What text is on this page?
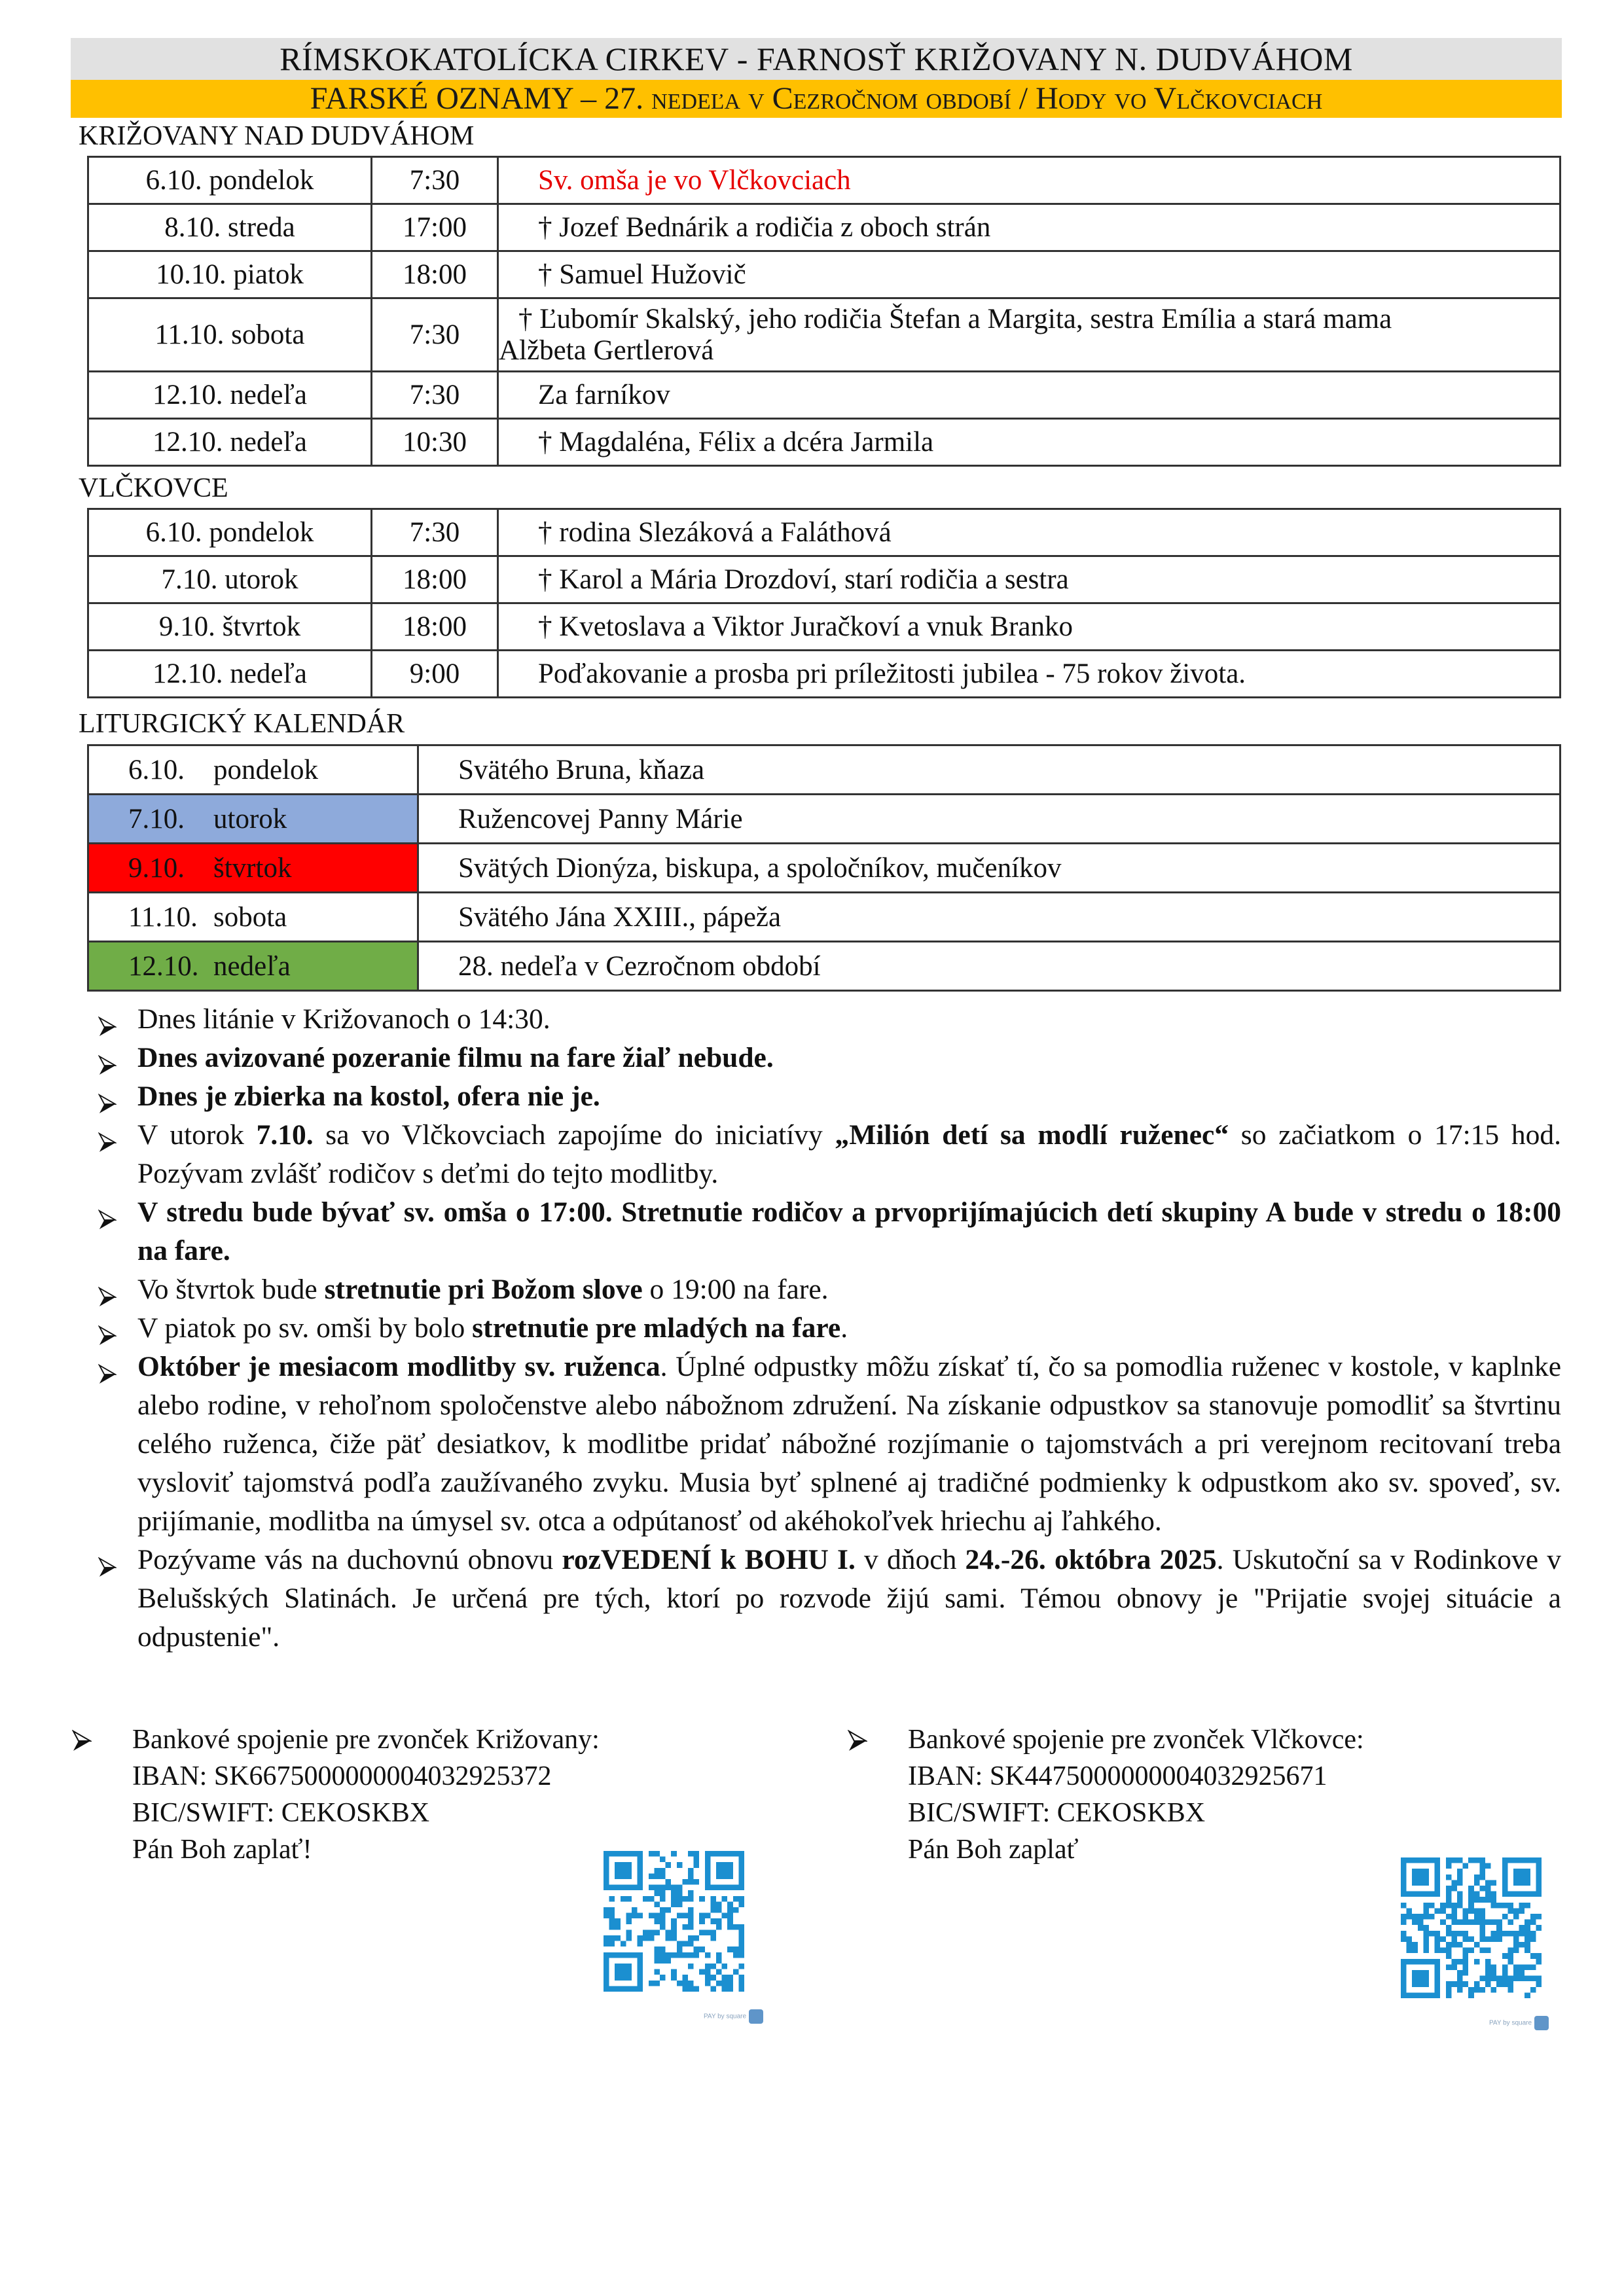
RÍMSKOKATOLÍCKA CIRKEV - FARNOSŤ KRIŽOVANY N. DUDVÁHOM
FARSKÉ OZNAMY – 27. nedeľa v Cezročnom období / Hody vo Vlčkovciach
KRIŽOVANY NAD DUDVÁHOM
6.10. pondelok	7:30	Sv. omša je vo Vlčkovciach
8.10. streda	17:00	† Jozef Bednárik a rodičia z oboch strán
10.10. piatok	18:00	† Samuel Hužovič
11.10. sobota	7:30	† Ľubomír Skalský, jeho rodičia Štefan a Margita, sestra Emília a stará mama
Alžbeta Gertlerová
12.10. nedeľa	7:30	Za farníkov
12.10. nedeľa	10:30	† Magdaléna, Félix a dcéra Jarmila
VLČKOVCE
6.10. pondelok	7:30	† rodina Slezáková a Faláthová
7.10. utorok	18:00	† Karol a Mária Drozdoví, starí rodičia a sestra
9.10. štvrtok	18:00	† Kvetoslava a Viktor Juračkoví a vnuk Branko
12.10. nedeľa	9:00	Poďakovanie a prosba pri príležitosti jubilea - 75 rokov života.
LITURGICKÝ KALENDÁR
6.10. pondelok	Svätého Bruna, kňaza
7.10. utorok	Ružencovej Panny Márie
9.10. štvrtok	Svätých Dionýza, biskupa, a spoločníkov, mučeníkov
11.10. sobota	Svätého Jána XXIII., pápeža
12.10. nedeľa	28. nedeľa v Cezročnom období
Dnes litánie v Križovanoch o 14:30.
Dnes avizované pozeranie filmu na fare žiaľ nebude.
Dnes je zbierka na kostol, ofera nie je.
V utorok 7.10. sa vo Vlčkovciach zapojíme do iniciatívy „Milión detí sa modlí ruženec“ so začiatkom o 17:15 hod. Pozývam zvlášť rodičov s deťmi do tejto modlitby.
V stredu bude bývať sv. omša o 17:00. Stretnutie rodičov a prvoprijímajúcich detí skupiny A bude v stredu o 18:00 na fare.
Vo štvrtok bude stretnutie pri Božom slove o 19:00 na fare.
V piatok po sv. omši by bolo stretnutie pre mladých na fare.
Október je mesiacom modlitby sv. ruženca. Úplné odpustky môžu získať tí, čo sa pomodlia ruženec v kostole, v kaplnke alebo rodine, v rehoľnom spoločenstve alebo nábožnom združení. Na získanie odpustkov sa stanovuje pomodliť sa štvrtinu celého ruženca, čiže päť desiatkov, k modlitbe pridať nábožné rozjímanie o tajomstvách a pri verejnom recitovaní treba vysloviť tajomstvá podľa zaužívaného zvyku. Musia byť splnené aj tradičné podmienky k odpustkom ako sv. spoveď, sv. prijímanie, modlitba na úmysel sv. otca a odpútanosť od akéhokoľvek hriechu aj ľahkého.
Pozývame vás na duchovnú obnovu rozVEDENÍ k BOHU I. v dňoch 24.-26. októbra 2025. Uskutoční sa v Rodinkove v Belušských Slatinách. Je určená pre tých, ktorí po rozvode žijú sami. Témou obnovy je "Prijatie svojej situácie a odpustenie".
Bankové spojenie pre zvonček Križovany:
IBAN: SK6675000000004032925372
BIC/SWIFT: CEKOSKBX
Pán Boh zaplať!
PAY by square
Bankové spojenie pre zvonček Vlčkovce:
IBAN: SK4475000000004032925671
BIC/SWIFT: CEKOSKBX
Pán Boh zaplať
PAY by square
